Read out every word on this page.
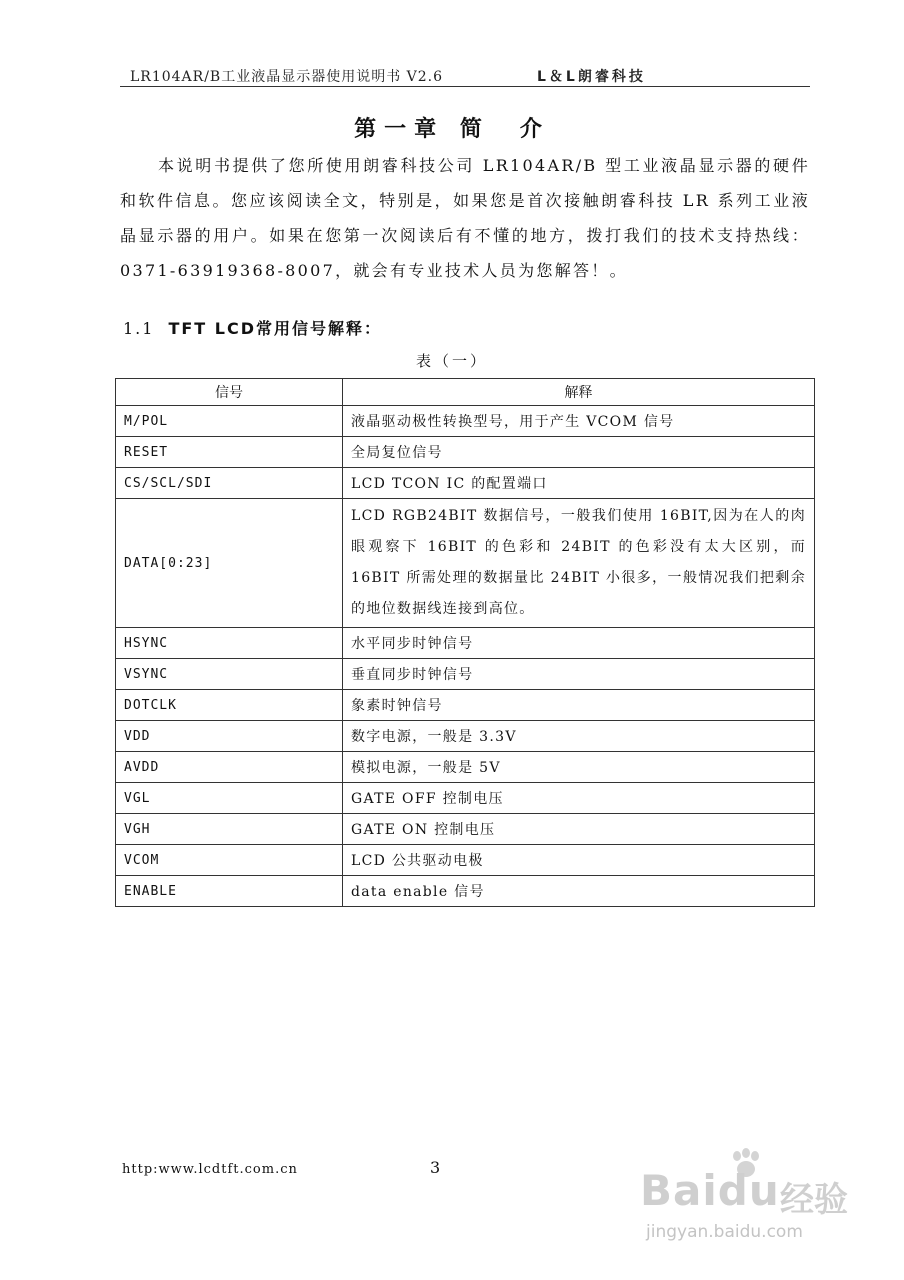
LR104AR/B工业液晶显示器使用说明书 V2.6	L＆L朗睿科技
第一章 简　介

本说明书提供了您所使用朗睿科技公司 LR104AR/B 型工业液晶显示器的硬件和软件信息。您应该阅读全文，特别是，如果您是首次接触朗睿科技 LR 系列工业液晶显示器的用户。如果在您第一次阅读后有不懂的地方，拨打我们的技术支持热线：0371-63919368-8007，就会有专业技术人员为您解答！。

1.1 TFT LCD常用信号解释：
表（一）
信号	解释
M/POL	液晶驱动极性转换型号，用于产生 VCOM 信号
RESET	全局复位信号
CS/SCL/SDI	LCD TCON IC 的配置端口
DATA[0:23]	LCD RGB24BIT 数据信号，一般我们使用 16BIT,因为在人的肉眼观察下 16BIT 的色彩和 24BIT 的色彩没有太大区别，而 16BIT 所需处理的数据量比 24BIT 小很多，一般情况我们把剩余的地位数据线连接到高位。
HSYNC	水平同步时钟信号
VSYNC	垂直同步时钟信号
DOTCLK	象素时钟信号
VDD	数字电源，一般是 3.3V
AVDD	模拟电源，一般是 5V
VGL	GATE OFF 控制电压
VGH	GATE ON 控制电压
VCOM	LCD 公共驱动电极
ENABLE	data enable 信号
http:www.lcdtft.com.cn	3	Baidu 经验
jingyan.baidu.com
